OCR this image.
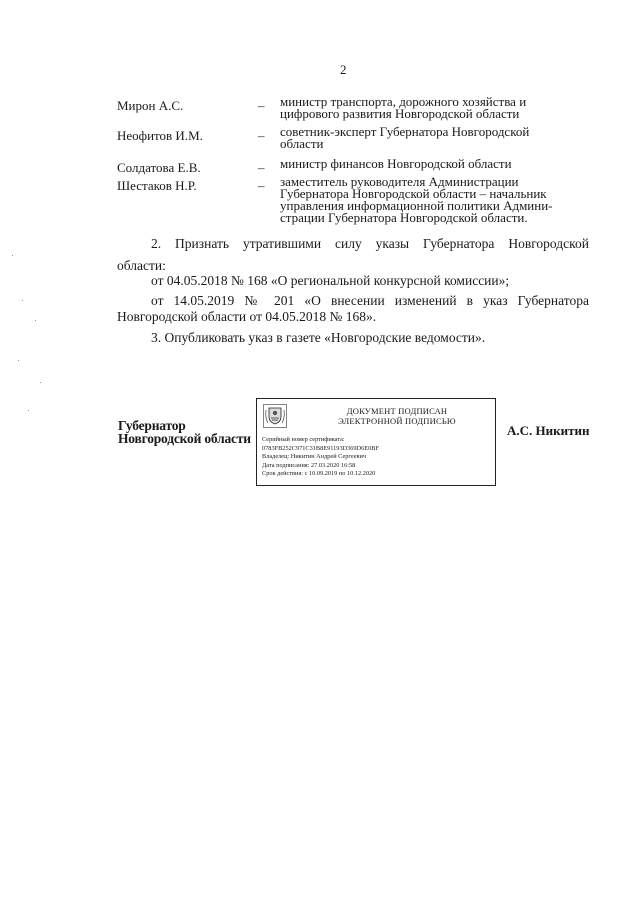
2
Мирон А.С.	– министр транспорта, дорожного хозяйства и
цифрового развития Новгородской области
Неофитов И.М.	– советник-эксперт Губернатора Новгородской
области
Солдатова Е.В.	– министр финансов Новгородской области
Шестаков Н.Р.	– заместитель руководителя Администрации
Губернатора Новгородской области – начальник
управления информационной политики Админи-
страции Губернатора Новгородской области.
2. Признать утратившими силу указы Губернатора Новгородской
области:
от 04.05.2018 № 168 «О региональной конкурсной комиссии»;
от 14.05.2019 № 201 «О внесении изменений в указ Губернатора
Новгородской области от 04.05.2018 № 168».
3. Опубликовать указ в газете «Новгородские ведомости».
Губернатор
Новгородской области
ДОКУМЕНТ ПОДПИСАН
ЭЛЕКТРОННОЙ ПОДПИСЬЮ
Серийный номер сертификата:
0783FB252C971C31B8E91193D369D6E0BF
Владелец: Никитин Андрей Сергеевич
Дата подписания: 27.03.2020 16:58
Срок действия: с 10.09.2019 по 10.12.2020
А.С. Никитин
